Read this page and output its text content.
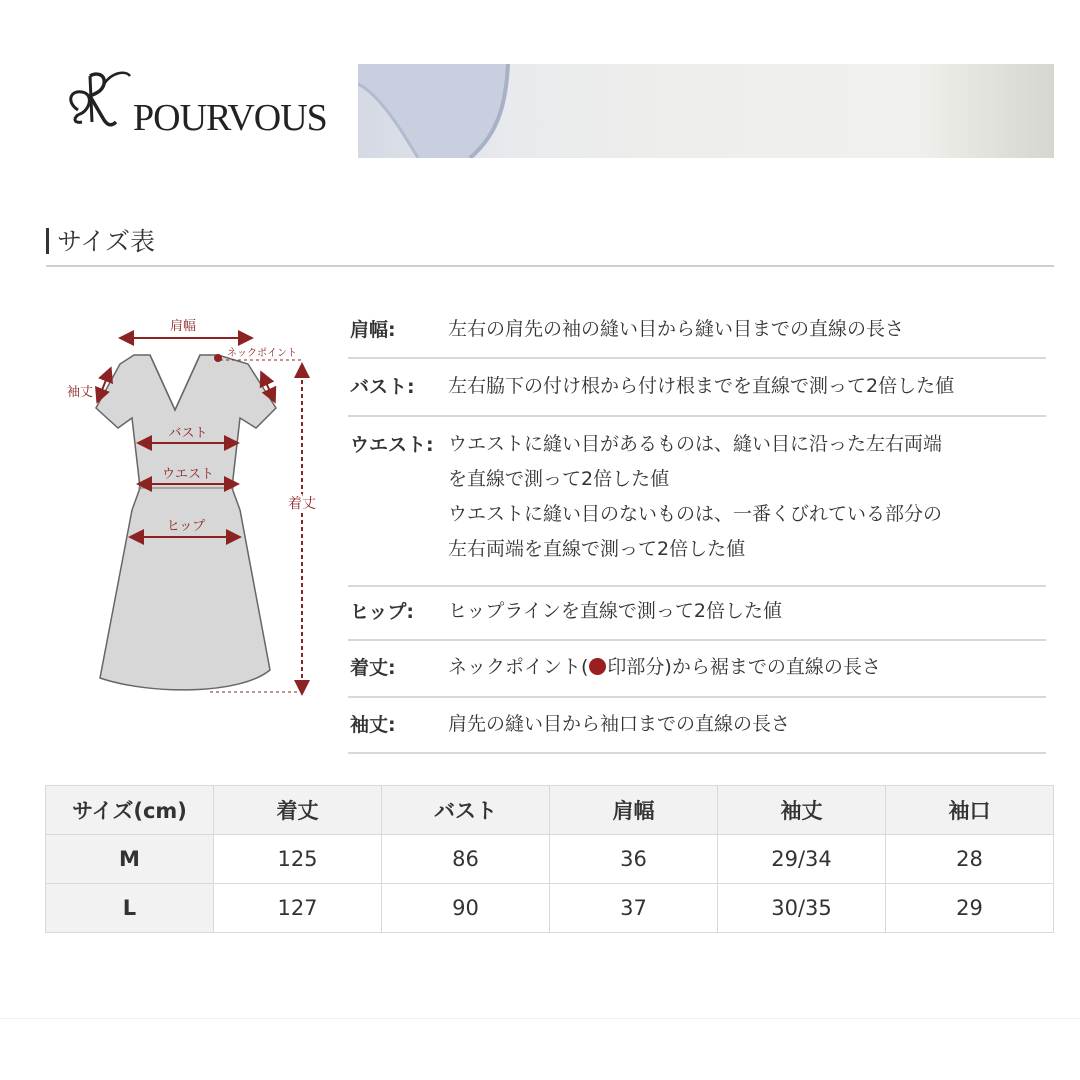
POURVOUS
サイズ表
肩幅
ネックポイント
袖丈
着丈
バスト
ウエスト
ヒップ
肩幅:	左右の肩先の袖の縫い目から縫い目までの直線の長さ
バスト:	左右脇下の付け根から付け根までを直線で測って2倍した値
ウエスト: ウエストに縫い目があるものは、縫い目に沿った左右両端
を直線で測って2倍した値
ウエストに縫い目のないものは、一番くびれている部分の
左右両端を直線で測って2倍した値
ヒップ:	ヒップラインを直線で測って2倍した値
着丈:	ネックポイント( 印部分)から裾までの直線の長さ
袖丈:	肩先の縫い目から袖口までの直線の長さ
サイズ(cm)	着丈	バスト	肩幅	袖丈	袖口
M	125	86	36	29/34	28
L	127	90	37	30/35	29
